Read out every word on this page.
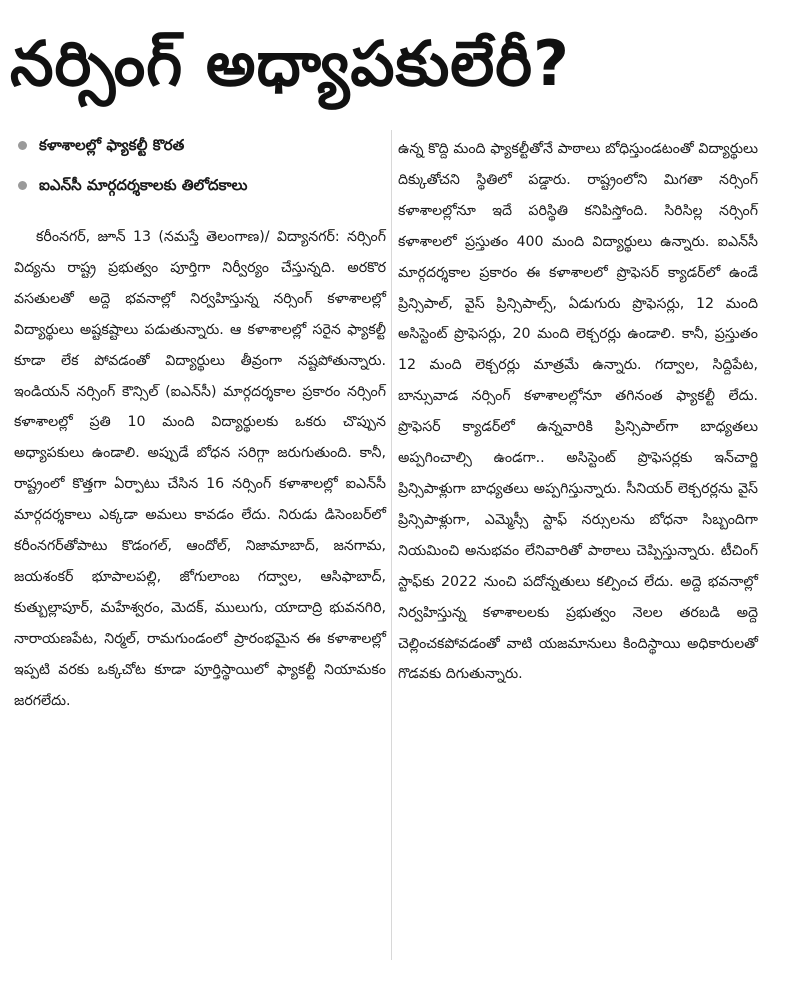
నర్సింగ్ అధ్యాపకులేరీ?
కళాశాలల్లో ఫ్యాకల్టీ కొరత
ఐఎన్‌సీ మార్గదర్శకాలకు తిలోదకాలు

కరీంనగర్, జూన్ 13 (నమస్తే తెలంగాణ)/ విద్యానగర్: నర్సింగ్ విద్యను రాష్ట్ర ప్రభుత్వం పూర్తిగా నిర్వీర్యం చేస్తున్నది. అరకొర వసతులతో అద్దె భవనాల్లో నిర్వహిస్తున్న నర్సింగ్ కళాశాలల్లో విద్యార్థులు అష్టకష్టాలు పడుతున్నారు. ఆ కళాశాలల్లో సరైన ఫ్యాకల్టీ కూడా లేక పోవడంతో విద్యార్థులు తీవ్రంగా నష్టపోతున్నారు. ఇండియన్ నర్సింగ్ కౌన్సిల్ (ఐఎన్‌సీ) మార్గదర్శకాల ప్రకారం నర్సింగ్ కళాశాలల్లో ప్రతి 10 మంది విద్యార్థులకు ఒకరు చొప్పున అధ్యాపకులు ఉండాలి. అప్పుడే బోధన సరిగ్గా జరుగుతుంది. కానీ, రాష్ట్రంలో కొత్తగా ఏర్పాటు చేసిన 16 నర్సింగ్ కళాశాలల్లో ఐఎన్‌సీ మార్గదర్శకాలు ఎక్కడా అమలు కావడం లేదు. నిరుడు డిసెంబర్‌లో కరీంనగర్‌తోపాటు కొడంగల్, ఆందోల్, నిజామాబాద్, జనగామ, జయశంకర్ భూపాలపల్లి, జోగులాంబ గద్వాల, ఆసిఫాబాద్, కుత్బుల్లాపూర్, మహేశ్వరం, మెదక్, ములుగు, యాదాద్రి భువనగిరి, నారాయణపేట, నిర్మల్, రామగుండంలో ప్రారంభమైన ఈ కళాశాలల్లో ఇప్పటి వరకు ఒక్కచోట కూడా పూర్తిస్థాయిలో ఫ్యాకల్టీ నియామకం జరగలేదు.

ఉన్న కొద్ది మంది ఫ్యాకల్టీతోనే పాఠాలు బోధిస్తుండటంతో విద్యార్థులు దిక్కుతోచని స్థితిలో పడ్డారు. రాష్ట్రంలోని మిగతా నర్సింగ్ కళాశాలల్లోనూ ఇదే పరిస్థితి కనిపిస్తోంది. సిరిసిల్ల నర్సింగ్ కళాశాలలో ప్రస్తుతం 400 మంది విద్యార్థులు ఉన్నారు. ఐఎన్‌సీ మార్గదర్శకాల ప్రకారం ఈ కళాశాలలో ప్రొఫెసర్ క్యాడర్‌లో ఉండే ప్రిన్సిపాల్, వైస్ ప్రిన్సిపాల్స్, ఏడుగురు ప్రొఫెసర్లు, 12 మంది అసిస్టెంట్ ప్రొఫెసర్లు, 20 మంది లెక్చరర్లు ఉండాలి. కానీ, ప్రస్తుతం 12 మంది లెక్చరర్లు మాత్రమే ఉన్నారు. గద్వాల, సిద్దిపేట, బాన్సువాడ నర్సింగ్ కళాశాలల్లోనూ తగినంత ఫ్యాకల్టీ లేదు. ప్రొఫెసర్ క్యాడర్‌లో ఉన్నవారికి ప్రిన్సిపాల్‌గా బాధ్యతలు అప్పగించాల్సి ఉండగా.. అసిస్టెంట్ ప్రొఫెసర్లకు ఇన్‌చార్జి ప్రిన్సిపాళ్లుగా బాధ్యతలు అప్పగిస్తున్నారు. సీనియర్ లెక్చరర్లను వైస్ ప్రిన్సిపాళ్లుగా, ఎమ్మెస్సీ స్టాఫ్ నర్సులను బోధనా సిబ్బందిగా నియమించి అనుభవం లేనివారితో పాఠాలు చెప్పిస్తున్నారు. టీచింగ్ స్టాఫ్‌కు 2022 నుంచి పదోన్నతులు కల్పించ లేదు. అద్దె భవనాల్లో నిర్వహిస్తున్న కళాశాలలకు ప్రభుత్వం నెలల తరబడి అద్దె చెల్లించకపోవడంతో వాటి యజమానులు కిందిస్థాయి అధికారులతో గొడవకు దిగుతున్నారు.
